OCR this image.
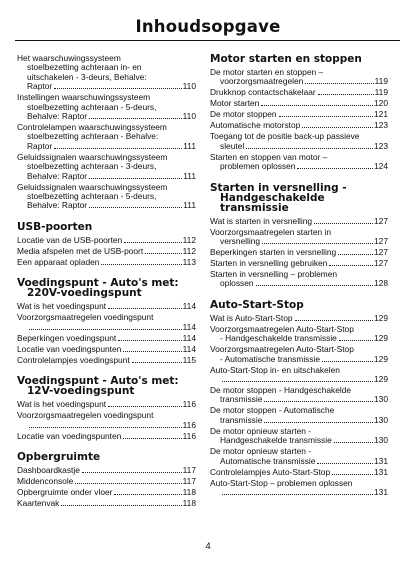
Inhoudsopgave
Het waarschuwingssysteem
stoelbezetting achteraan in- en
uitschakelen - 3-deurs, Behalve:
Raptor	110
Instellingen waarschuwingssysteem
stoelbezetting achteraan - 5-deurs,
Behalve: Raptor	110
Controlelampen waarschuwingssysteem
stoelbezetting achteraan - Behalve:
Raptor	111
Geluidssignalen waarschuwingssysteem
stoelbezetting achteraan - 3-deurs,
Behalve: Raptor	111
Geluidssignalen waarschuwingssysteem
stoelbezetting achteraan - 5-deurs,
Behalve: Raptor	111
USB-poorten
Locatie van de USB-poorten	112
Media afspelen met de USB-poort	112
Een apparaat opladen	113
Voedingspunt - Auto's met:
220V-voedingspunt
Wat is het voedingspunt	114
Voorzorgsmaatregelen voedingspunt
114
Beperkingen voedingspunt	114
Locatie van voedingspunten	114
Controlelampjes voedingspunt	115
Voedingspunt - Auto's met:
12V-voedingspunt
Wat is het voedingspunt	116
Voorzorgsmaatregelen voedingspunt
116
Locatie van voedingspunten	116
Opbergruimte
Dashboardkastje	117
Middenconsole	117
Opbergruimte onder vloer	118
Kaartenvak	118
Motor starten en stoppen
De motor starten en stoppen –
voorzorgsmaatregelen	119
Drukknop contactschakelaar	119
Motor starten	120
De motor stoppen	121
Automatische motorstop	123
Toegang tot de positie back-up passieve
sleutel	123
Starten en stoppen van motor –
problemen oplossen	124
Starten in versnelling -
Handgeschakelde
transmissie
Wat is starten in versnelling	127
Voorzorgsmaatregelen starten in
versnelling	127
Beperkingen starten in versnelling	127
Starten in versnelling gebruiken	127
Starten in versnelling – problemen
oplossen	128
Auto-Start-Stop
Wat is Auto-Start-Stop	129
Voorzorgsmaatregelen Auto-Start-Stop
- Handgeschakelde transmissie	129
Voorzorgsmaatregelen Auto-Start-Stop
- Automatische transmissie	129
Auto-Start-Stop in- en uitschakelen
129
De motor stoppen - Handgeschakelde
transmissie	130
De motor stoppen - Automatische
transmissie	130
De motor opnieuw starten -
Handgeschakelde transmissie	130
De motor opnieuw starten -
Automatische transmissie	131
Controlelampjes Auto-Start-Stop	131
Auto-Start-Stop – problemen oplossen
131
4
